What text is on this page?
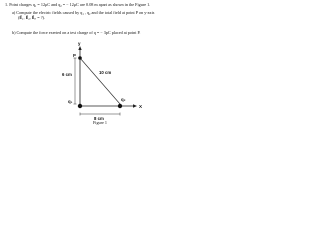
1. Point charges q₁ = 12μC and q₂ = − 12μC are 0.08 m apart as shown in the Figure 1.
a) Compute the electric fields caused by q₁ , q₂ and the total field at point P on y-axis
(E⃗₁, E⃗₂, E⃗ₚ = ?).
b) Compute the force exerted on a test charge of q = − 3pC placed at point P.
y
X
P
q₁	q₂
6 cm
8 cm
10 cm
Figure 1
